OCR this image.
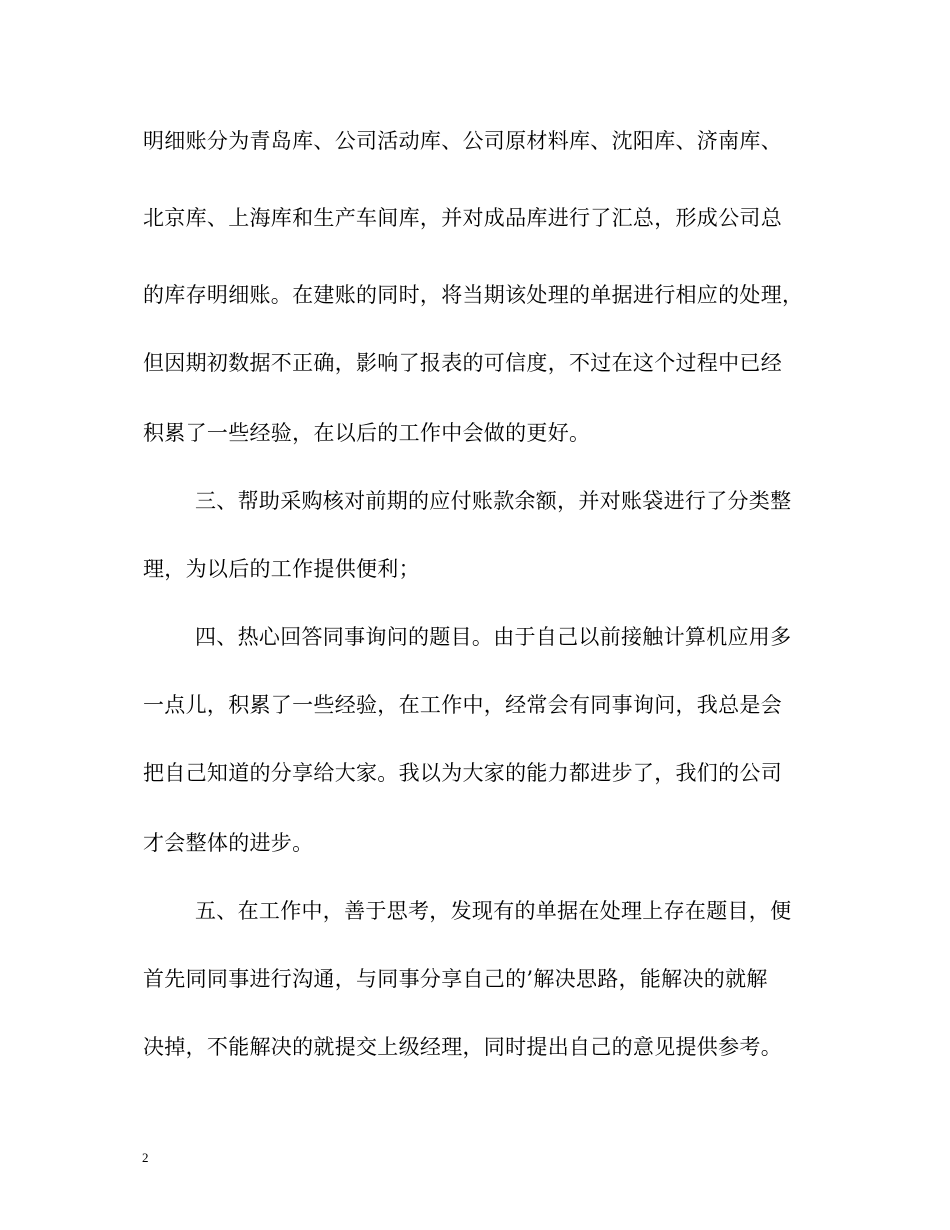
明细账分为青岛库、公司活动库、公司原材料库、沈阳库、济南库、
北京库、上海库和生产车间库，并对成品库进行了汇总，形成公司总
的库存明细账。在建账的同时，将当期该处理的单据进行相应的处理，
但因期初数据不正确，影响了报表的可信度，不过在这个过程中已经
积累了一些经验，在以后的工作中会做的更好。
三、帮助采购核对前期的应付账款余额，并对账袋进行了分类整
理，为以后的工作提供便利；
四、热心回答同事询问的题目。由于自己以前接触计算机应用多
一点儿，积累了一些经验，在工作中，经常会有同事询问，我总是会
把自己知道的分享给大家。我以为大家的能力都进步了，我们的公司
才会整体的进步。
五、在工作中，善于思考，发现有的单据在处理上存在题目，便
首先同同事进行沟通，与同事分享自己的’解决思路，能解决的就解
决掉，不能解决的就提交上级经理，同时提出自己的意见提供参考。
2
